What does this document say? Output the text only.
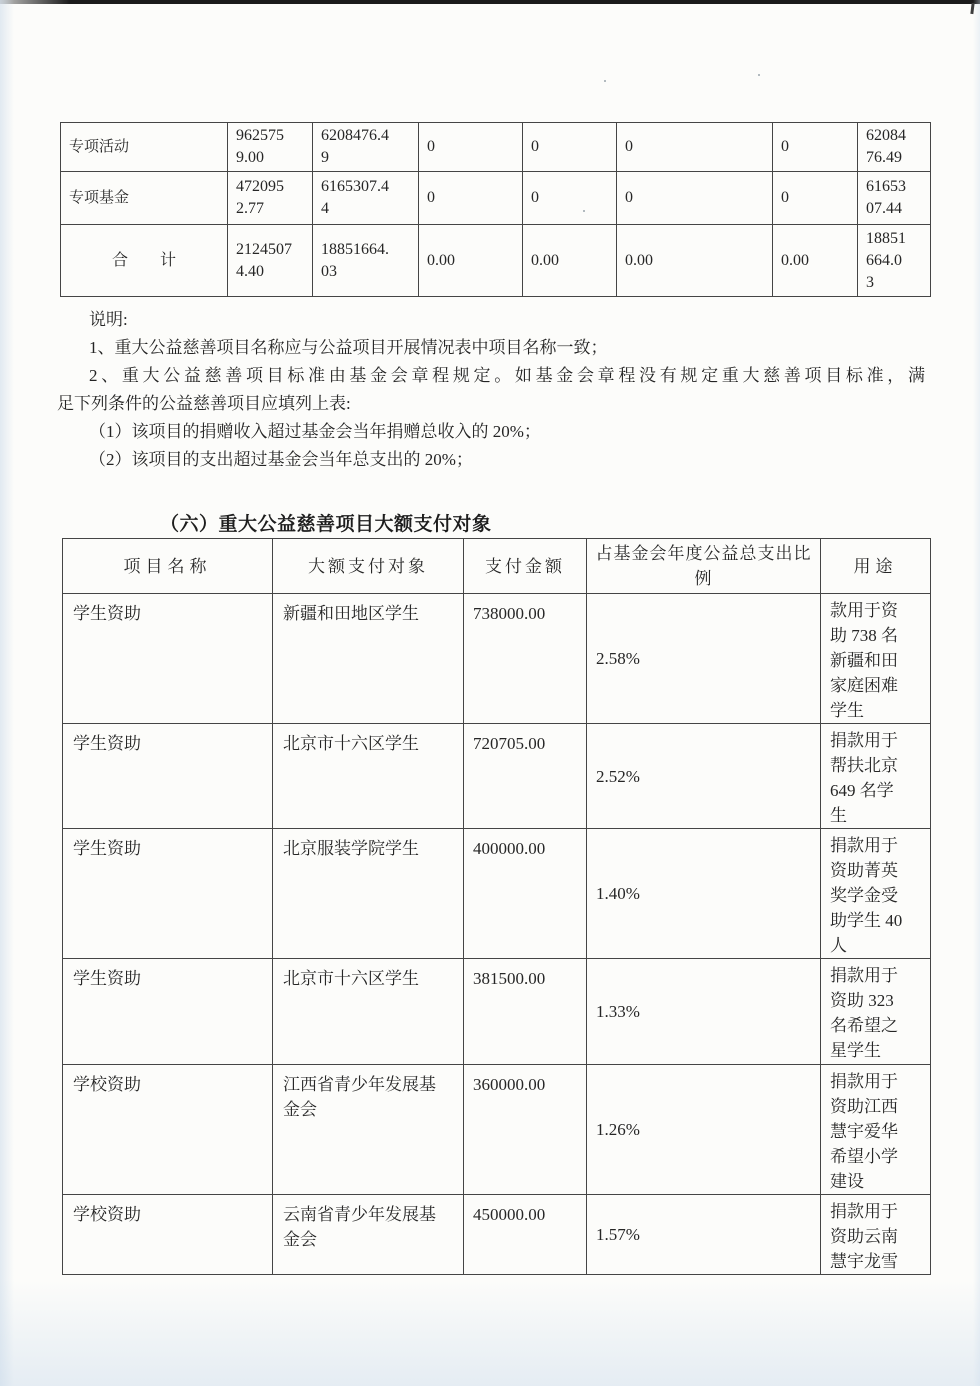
专项活动	9625759.00	6208476.49	0	0	0	0	6208476.49
专项基金	4720952.77	6165307.44	0	0	0	0	6165307.44
合　　计	21245074.40	18851664.03	0.00	0.00	0.00	0.00	18851664.03
说明:
1、重大公益慈善项目名称应与公益项目开展情况表中项目名称一致；
2、重大公益慈善项目标准由基金会章程规定。如基金会章程没有规定重大慈善项目标准，满
足下列条件的公益慈善项目应填列上表:
（1）该项目的捐赠收入超过基金会当年捐赠总收入的 20%；
（2）该项目的支出超过基金会当年总支出的 20%；
（六）重大公益慈善项目大额支付对象
项目名称	大额支付对象	支付金额	占基金会年度公益总支出比例	用途
学生资助	新疆和田地区学生	738000.00	2.58%	款用于资助 738 名新疆和田家庭困难学生
学生资助	北京市十六区学生	720705.00	2.52%	捐款用于帮扶北京 649 名学生
学生资助	北京服装学院学生	400000.00	1.40%	捐款用于资助菁英奖学金受助学生 40 人
学生资助	北京市十六区学生	381500.00	1.33%	捐款用于资助 323 名希望之星学生
学校资助	江西省青少年发展基金会	360000.00	1.26%	捐款用于资助江西慧宇爱华希望小学建设
学校资助	云南省青少年发展基金会	450000.00	1.57%	捐款用于资助云南慧宇龙雪
